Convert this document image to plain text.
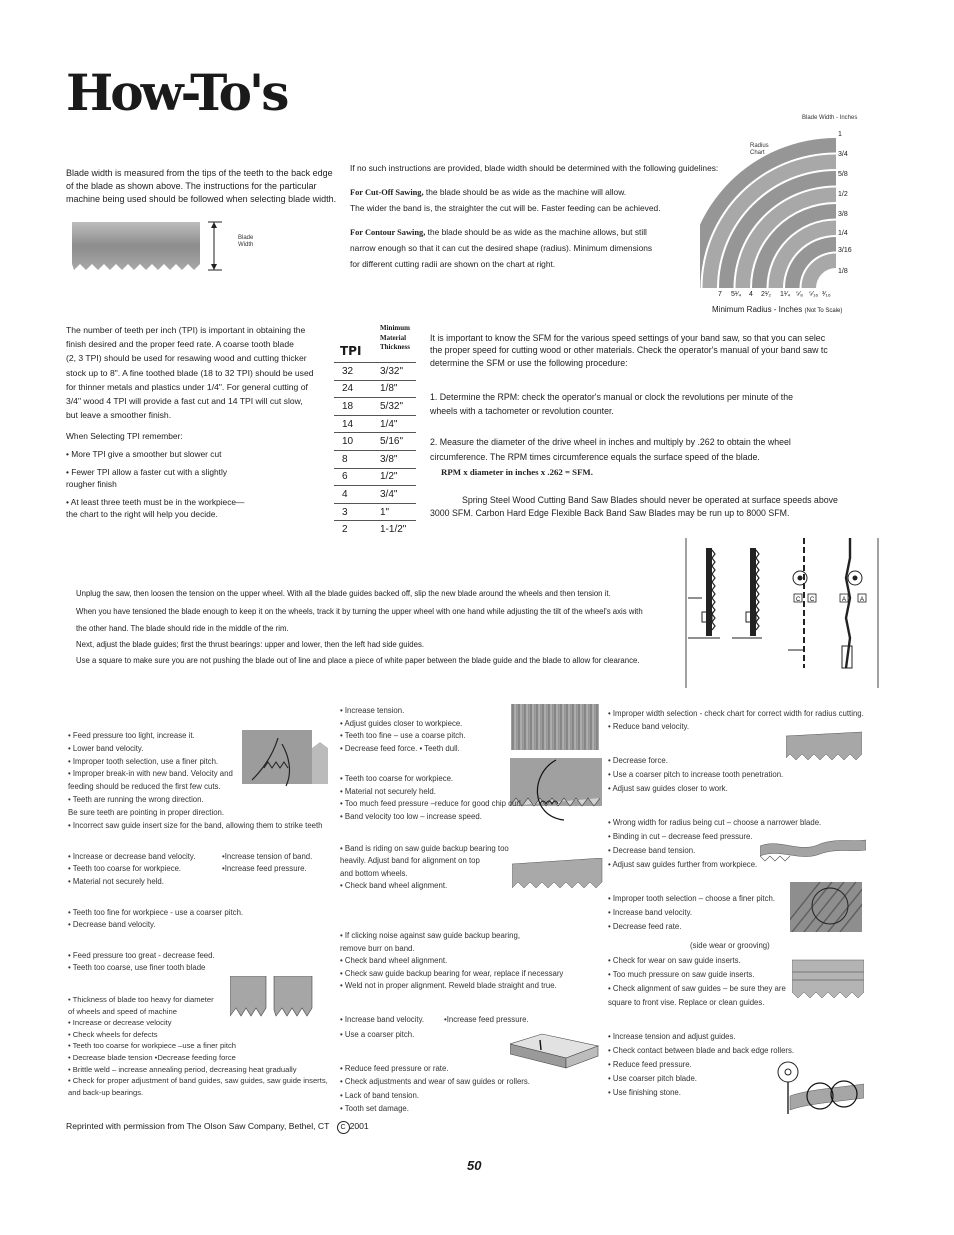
How-To's
Blade width is measured from the tips of the teeth to the back edge
of the blade as shown above. The instructions for the particular
machine being used should be followed when selecting blade width.
Blade
Width
If no such instructions are provided, blade width should be determined with the following guidelines:
For Cut-Off Sawing, the blade should be as wide as the machine will allow.
The wider the band is, the straighter the cut will be. Faster feeding can be achieved.
For Contour Sawing, the blade should be as wide as the machine allows, but still
narrow enough so that it can cut the desired shape (radius). Minimum dimensions
for different cutting radii are shown on the chart at right.
Blade Width - Inches
Radius
Chart
1
3/4
5/8
1/2
3/8
1/4
3/16
1/8
7 5¹⁄₄ 4 2¹⁄₂ 1¹⁄₄ ⁵⁄₈ ⁵⁄₁₆ ³⁄₁₆
Minimum Radius - Inches (Not To Scale)
The number of teeth per inch (TPI) is important in obtaining the
finish desired and the proper feed rate. A coarse tooth blade
(2, 3 TPI) should be used for resawing wood and cutting thicker
stock up to 8". A fine toothed blade (18 to 32 TPI) should be used
for thinner metals and plastics under 1/4". For general cutting of
3/4" wood 4 TPI will provide a fast cut and 14 TPI will cut slow,
but leave a smoother finish.
When Selecting TPI remember:
• More TPI give a smoother but slower cut
• Fewer TPI allow a faster cut with a slightly
rougher finish
• At least three teeth must be in the workpiece—
the chart to the right will help you decide.
TPI
Minimum
Material
Thickness
32	3/32"
24	1/8"
18	5/32"
14	1/4"
10	5/16"
8	3/8"
6	1/2"
4	3/4"
3	1"
2	1-1/2"
It is important to know the SFM for the various speed settings of your band saw, so that you can selec
the proper speed for cutting wood or other materials. Check the operator's manual of your band saw tc
determine the SFM or use the following procedure:
1. Determine the RPM: check the operator's manual or clock the revolutions per minute of the
wheels with a tachometer or revolution counter.
2. Measure the diameter of the drive wheel in inches and multiply by .262 to obtain the wheel
circumference. The RPM times circumference equals the surface speed of the blade.
RPM x diameter in inches x .262 = SFM.
Spring Steel Wood Cutting Band Saw Blades should never be operated at surface speeds above
3000 SFM. Carbon Hard Edge Flexible Back Band Saw Blades may be run up to 8000 SFM.
Unplug the saw, then loosen the tension on the upper wheel. With all the blade guides backed off, slip the new blade around the wheels and then tension it.
When you have tensioned the blade enough to keep it on the wheels, track it by turning the upper wheel with one hand while adjusting the tilt of the wheel's axis with
the other hand. The blade should ride in the middle of the rim.
Next, adjust the blade guides; first the thrust bearings: upper and lower, then the left had side guides.
Use a square to make sure you are not pushing the blade out of line and place a piece of white paper between the blade guide and the blade to allow for clearance.
C C	A A
• Feed pressure too light, increase it.
• Lower band velocity.
• Improper tooth selection, use a finer pitch.
• Improper break-in with new band. Velocity and
feeding should be reduced the first few cuts.
• Teeth are running the wrong direction.
Be sure teeth are pointing in proper direction.
• Incorrect saw guide insert size for the band, allowing them to strike teeth
• Increase or decrease band velocity.
• Teeth too coarse for workpiece.
• Material not securely held.
•Increase tension of band.
•Increase feed pressure.
• Teeth too fine for workpiece - use a coarser pitch.
• Decrease band velocity.
• Feed pressure too great - decrease feed.
• Teeth too coarse, use finer tooth blade
• Thickness of blade too heavy for diameter
of wheels and speed of machine
• Increase or decrease velocity
• Check wheels for defects
• Teeth too coarse for workpiece –use a finer pitch
• Decrease blade tension •Decrease feeding force
• Brittle weld – increase annealing period, decreasing heat gradually
• Check for proper adjustment of band guides, saw guides, saw guide inserts,
and back-up bearings.
• Increase tension.
• Adjust guides closer to workpiece.
• Teeth too fine – use a coarse pitch.
• Decrease feed force. • Teeth dull.
• Teeth too coarse for workpiece.
• Material not securely held.
• Too much feed pressure –reduce for good chip curl.
• Band velocity too low – increase speed.
• Band is riding on saw guide backup bearing too
heavily. Adjust band for alignment on top
and bottom wheels.
• Check band wheel alignment.
• If clicking noise against saw guide backup bearing,
remove burr on band.
• Check band wheel alignment.
• Check saw guide backup bearing for wear, replace if necessary
• Weld not in proper alignment. Reweld blade straight and true.
• Increase band velocity.	•Increase feed pressure.
• Use a coarser pitch.
• Reduce feed pressure or rate.
• Check adjustments and wear of saw guides or rollers.
• Lack of band tension.
• Tooth set damage.
• Improper width selection - check chart for correct width for radius cutting.
• Reduce band velocity.
• Decrease force.
• Use a coarser pitch to increase tooth penetration.
• Adjust saw guides closer to work.
• Wrong width for radius being cut – choose a narrower blade.
• Binding in cut – decrease feed pressure.
• Decrease band tension.
• Adjust saw guides further from workpiece.
• Improper tooth selection – choose a finer pitch.
• Increase band velocity.
• Decrease feed rate.
(side wear or grooving)
• Check for wear on saw guide inserts.
• Too much pressure on saw guide inserts.
• Check alignment of saw guides – be sure they are
square to front vise. Replace or clean guides.
• Increase tension and adjust guides.
• Check contact between blade and back edge rollers.
• Reduce feed pressure.
• Use coarser pitch blade.
• Use finishing stone.
Reprinted with permission from The Olson Saw Company, Bethel, CT C 2001
50
